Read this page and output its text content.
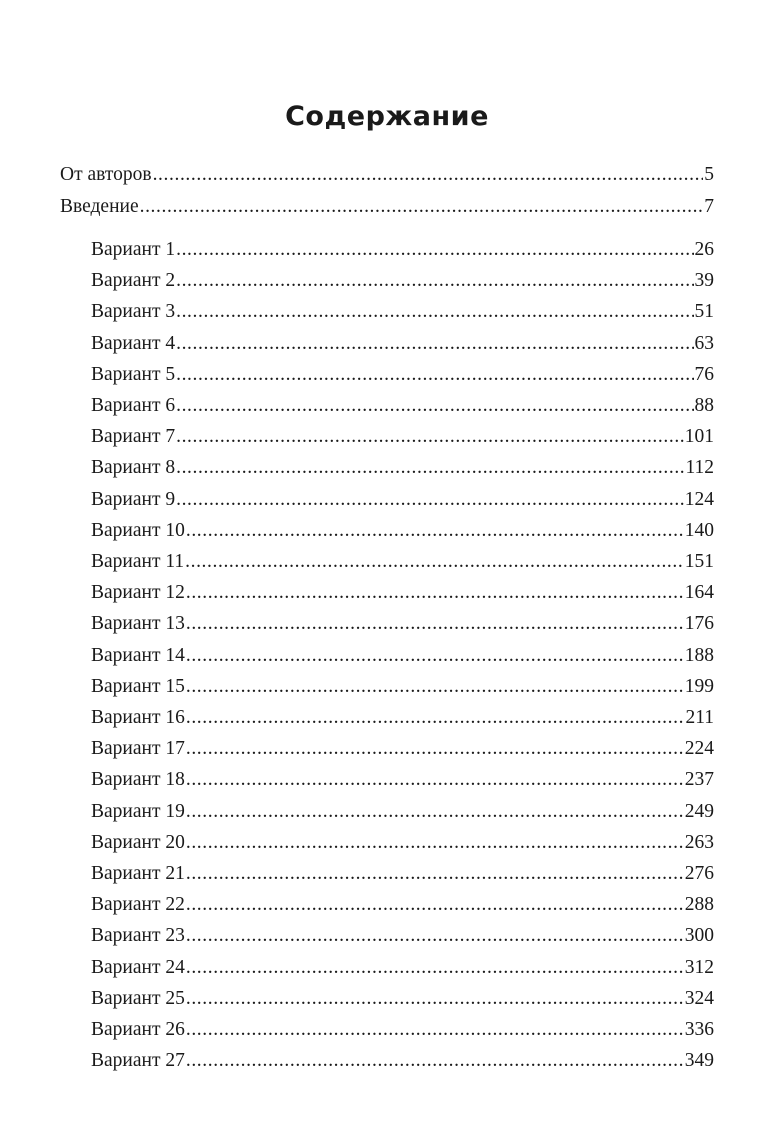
Содержание
От авторов .....	5
Введение .....	7
Вариант 1 .....	26
Вариант 2 .....	39
Вариант 3 .....	51
Вариант 4 .....	63
Вариант 5 .....	76
Вариант 6 .....	88
Вариант 7 .....	101
Вариант 8 .....	112
Вариант 9 .....	124
Вариант 10 .....	140
Вариант 11 .....	151
Вариант 12 .....	164
Вариант 13 .....	176
Вариант 14 .....	188
Вариант 15 .....	199
Вариант 16 .....	211
Вариант 17 .....	224
Вариант 18 .....	237
Вариант 19 .....	249
Вариант 20 .....	263
Вариант 21 .....	276
Вариант 22 .....	288
Вариант 23 .....	300
Вариант 24 .....	312
Вариант 25 .....	324
Вариант 26 .....	336
Вариант 27 .....	349
